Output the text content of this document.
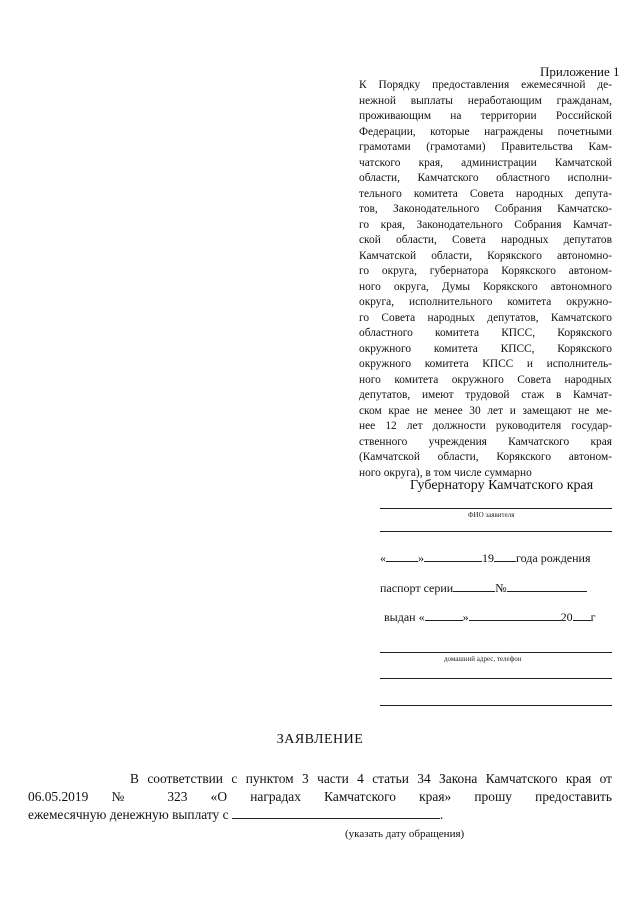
Приложение 1
К Порядку предоставления ежемесячной де-
нежной выплаты неработающим гражданам,
проживающим на территории Российской
Федерации, которые награждены почетными
грамотами (грамотами) Правительства Кам-
чатского края, администрации Камчатской
области, Камчатского областного исполни-
тельного комитета Совета народных депута-
тов, Законодательного Собрания Камчатско-
го края, Законодательного Собрания Камчат-
ской области, Совета народных депутатов
Камчатской области, Корякского автономно-
го округа, губернатора Корякского автоном-
ного округа, Думы Корякского автономного
округа, исполнительного комитета окружно-
го Совета народных депутатов, Камчатского
областного комитета КПСС, Корякского
окружного комитета КПСС, Корякского
окружного комитета КПСС и исполнитель-
ного комитета окружного Совета народных
депутатов, имеют трудовой стаж в Камчат-
ском крае не менее 30 лет и замещают не ме-
нее 12 лет должности руководителя государ-
ственного учреждения Камчатского края
(Камчатской области, Корякского автоном-
ного округа), в том числе суммарно
Губернатору Камчатского края
ФИО заявителя
«	»	19 года рождения
паспорт серии	№
выдан «	»	20 г
домашний адрес, телефон
ЗАЯВЛЕНИЕ
В соответствии с пунктом 3 части 4 статьи 34 Закона Камчатского края от
06.05.2019 № 323 «О наградах Камчатского края» прошу предоставить
ежемесячную денежную выплату с	.
(указать дату обращения)
